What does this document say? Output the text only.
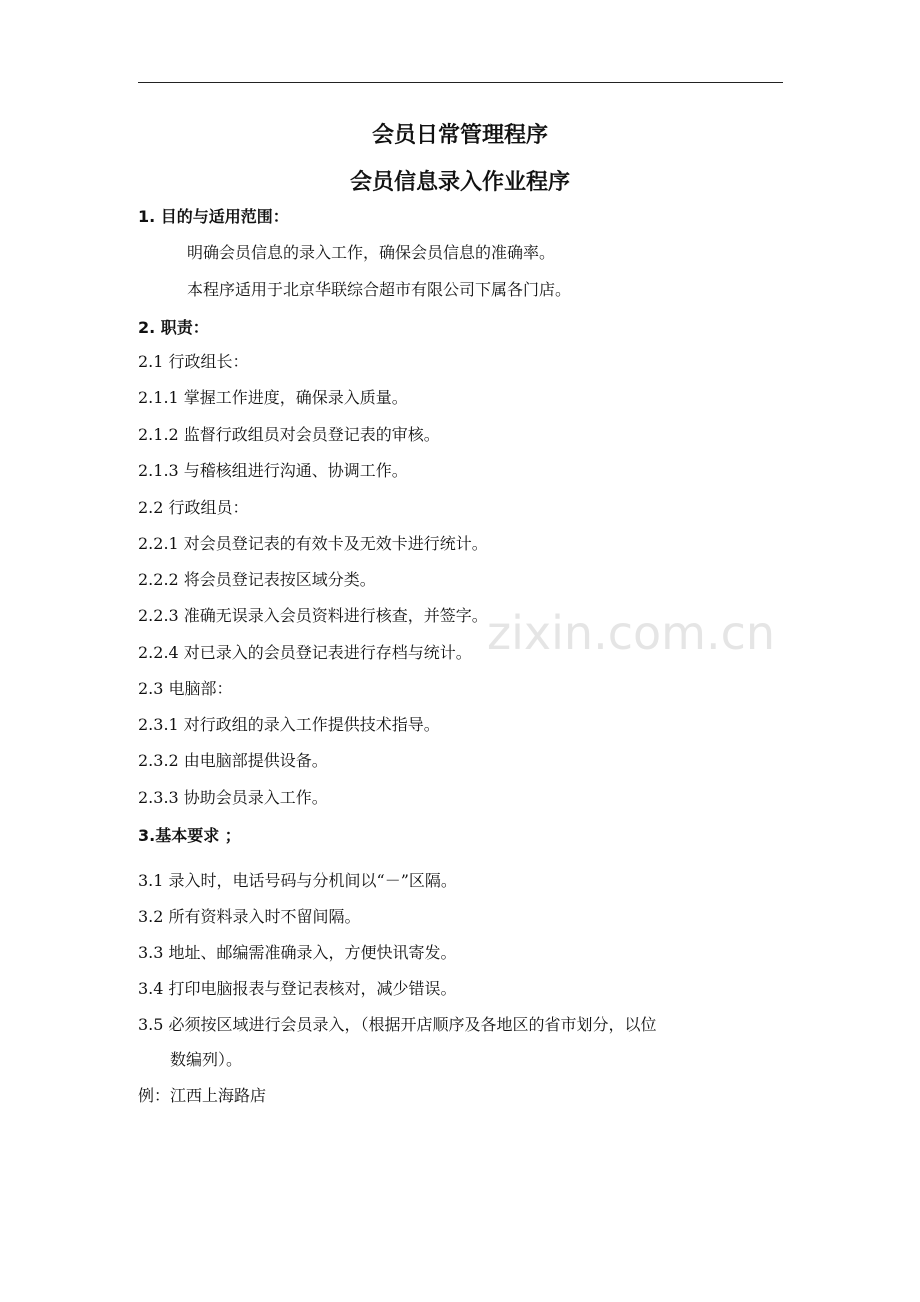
会员日常管理程序
会员信息录入作业程序
1. 目的与适用范围：
明确会员信息的录入工作，确保会员信息的准确率。
本程序适用于北京华联综合超市有限公司下属各门店。
2. 职责：
2.1 行政组长：
2.1.1 掌握工作进度，确保录入质量。
2.1.2 监督行政组员对会员登记表的审核。
2.1.3 与稽核组进行沟通、协调工作。
2.2 行政组员：
2.2.1 对会员登记表的有效卡及无效卡进行统计。
2.2.2 将会员登记表按区域分类。
2.2.3 准确无误录入会员资料进行核查，并签字。
2.2.4 对已录入的会员登记表进行存档与统计。
2.3 电脑部：
2.3.1 对行政组的录入工作提供技术指导。
2.3.2 由电脑部提供设备。
2.3.3 协助会员录入工作。
3.基本要求 ；
3.1 录入时，电话号码与分机间以“－”区隔。
3.2 所有资料录入时不留间隔。
3.3 地址、邮编需准确录入，方便快讯寄发。
3.4 打印电脑报表与登记表核对，减少错误。
3.5 必须按区域进行会员录入，（根据开店顺序及各地区的省市划分，以位
数编列）。
例：江西上海路店
zixin.com.cn
